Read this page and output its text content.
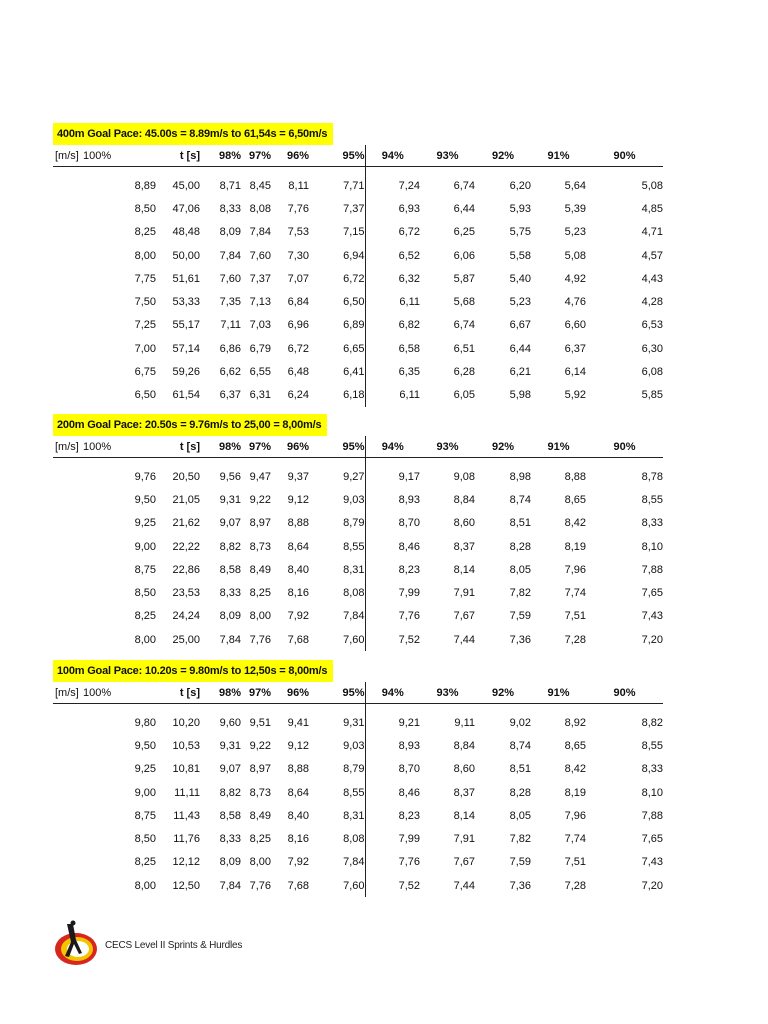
400m Goal Pace: 45.00s = 8.89m/s to 61,54s = 6,50m/s
[m/s] 100%	t [s]	98%	97%	96%	95%	94%	93%	92%	91%	90%
8,89	45,00	8,71	8,45	8,11	7,71	7,24	6,74	6,20	5,64	5,08
8,50	47,06	8,33	8,08	7,76	7,37	6,93	6,44	5,93	5,39	4,85
8,25	48,48	8,09	7,84	7,53	7,15	6,72	6,25	5,75	5,23	4,71
8,00	50,00	7,84	7,60	7,30	6,94	6,52	6,06	5,58	5,08	4,57
7,75	51,61	7,60	7,37	7,07	6,72	6,32	5,87	5,40	4,92	4,43
7,50	53,33	7,35	7,13	6,84	6,50	6,11	5,68	5,23	4,76	4,28
7,25	55,17	7,11	7,03	6,96	6,89	6,82	6,74	6,67	6,60	6,53
7,00	57,14	6,86	6,79	6,72	6,65	6,58	6,51	6,44	6,37	6,30
6,75	59,26	6,62	6,55	6,48	6,41	6,35	6,28	6,21	6,14	6,08
6,50	61,54	6,37	6,31	6,24	6,18	6,11	6,05	5,98	5,92	5,85
200m Goal Pace: 20.50s = 9.76m/s to 25,00 = 8,00m/s
[m/s] 100%	t [s]	98%	97%	96%	95%	94%	93%	92%	91%	90%
9,76	20,50	9,56	9,47	9,37	9,27	9,17	9,08	8,98	8,88	8,78
9,50	21,05	9,31	9,22	9,12	9,03	8,93	8,84	8,74	8,65	8,55
9,25	21,62	9,07	8,97	8,88	8,79	8,70	8,60	8,51	8,42	8,33
9,00	22,22	8,82	8,73	8,64	8,55	8,46	8,37	8,28	8,19	8,10
8,75	22,86	8,58	8,49	8,40	8,31	8,23	8,14	8,05	7,96	7,88
8,50	23,53	8,33	8,25	8,16	8,08	7,99	7,91	7,82	7,74	7,65
8,25	24,24	8,09	8,00	7,92	7,84	7,76	7,67	7,59	7,51	7,43
8,00	25,00	7,84	7,76	7,68	7,60	7,52	7,44	7,36	7,28	7,20
100m Goal Pace: 10.20s = 9.80m/s to 12,50s = 8,00m/s
[m/s] 100%	t [s]	98%	97%	96%	95%	94%	93%	92%	91%	90%
9,80	10,20	9,60	9,51	9,41	9,31	9,21	9,11	9,02	8,92	8,82
9,50	10,53	9,31	9,22	9,12	9,03	8,93	8,84	8,74	8,65	8,55
9,25	10,81	9,07	8,97	8,88	8,79	8,70	8,60	8,51	8,42	8,33
9,00	11,11	8,82	8,73	8,64	8,55	8,46	8,37	8,28	8,19	8,10
8,75	11,43	8,58	8,49	8,40	8,31	8,23	8,14	8,05	7,96	7,88
8,50	11,76	8,33	8,25	8,16	8,08	7,99	7,91	7,82	7,74	7,65
8,25	12,12	8,09	8,00	7,92	7,84	7,76	7,67	7,59	7,51	7,43
8,00	12,50	7,84	7,76	7,68	7,60	7,52	7,44	7,36	7,28	7,20
CECS Level II Sprints & Hurdles
